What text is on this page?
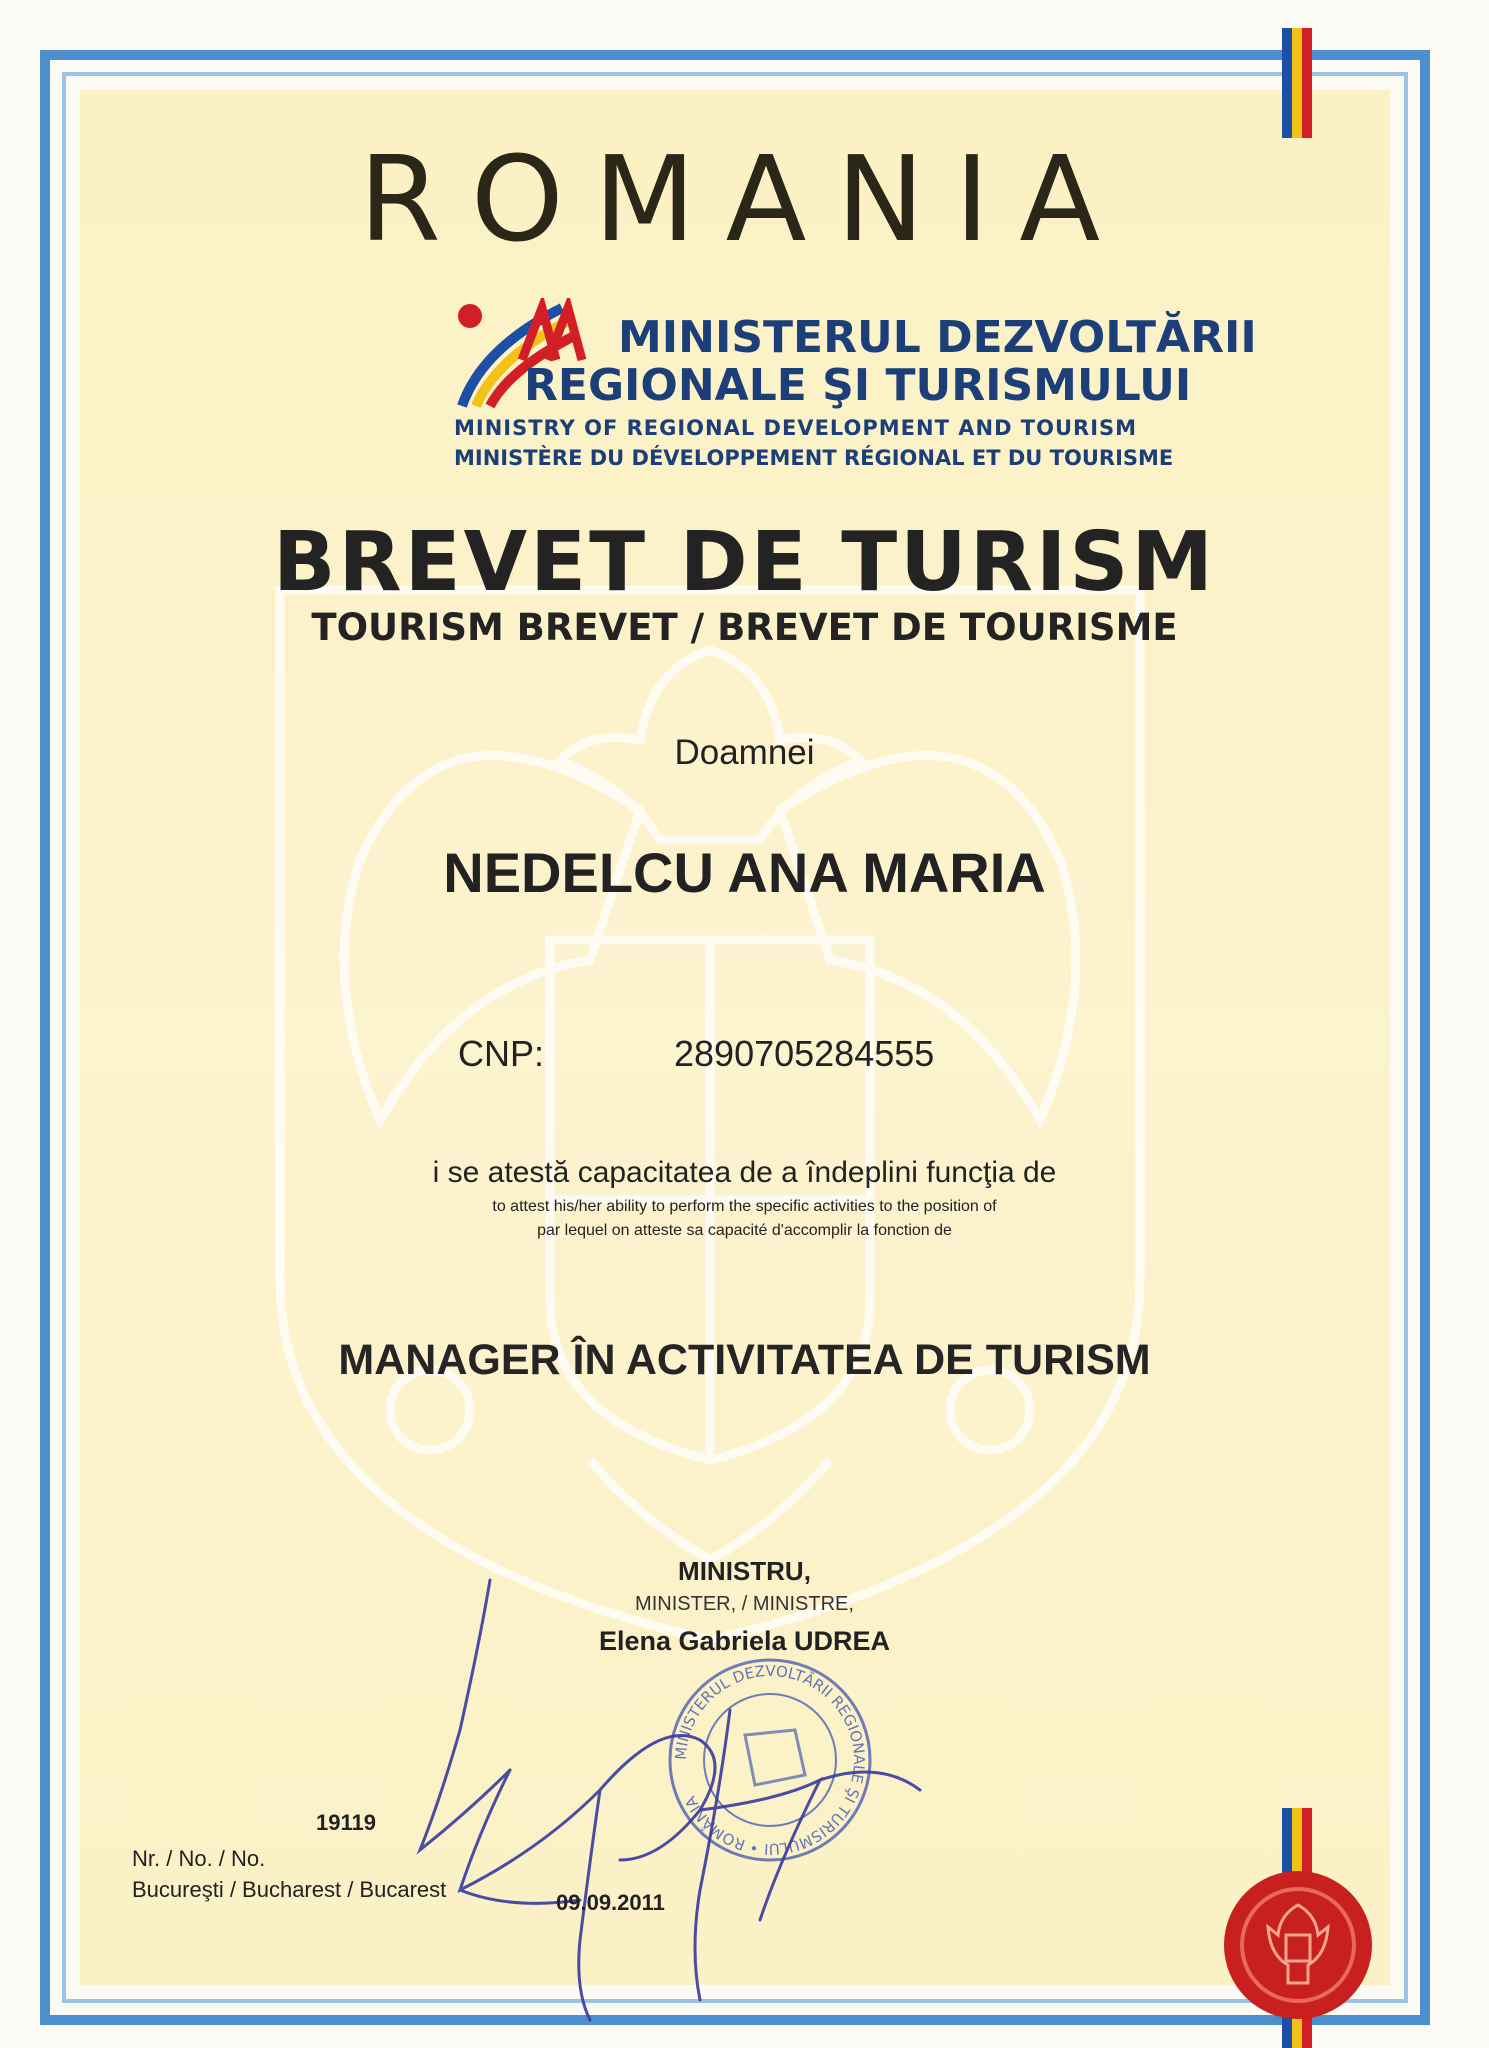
ROMANIA
MINISTERUL DEZVOLTĂRII
REGIONALE ŞI TURISMULUI
MINISTRY OF REGIONAL DEVELOPMENT AND TOURISM
MINISTÈRE DU DÉVELOPPEMENT RÉGIONAL ET DU TOURISME
BREVET DE TURISM
TOURISM BREVET / BREVET DE TOURISME
Doamnei
NEDELCU ANA MARIA
CNP:	2890705284555
i se atestă capacitatea de a îndeplini funcţia de
to attest his/her ability to perform the specific activities to the position of
par lequel on atteste sa capacité d'accomplir la fonction de
MANAGER ÎN ACTIVITATEA DE TURISM
MINISTRU,
MINISTER, / MINISTRE,
Elena Gabriela UDREA
MINISTERUL DEZVOLTĂRII REGIONALE ŞI TURISMULUI • ROMÂNIA
19119
Nr. / No. / No.
Bucureşti / Bucharest / Bucarest
09.09.2011
